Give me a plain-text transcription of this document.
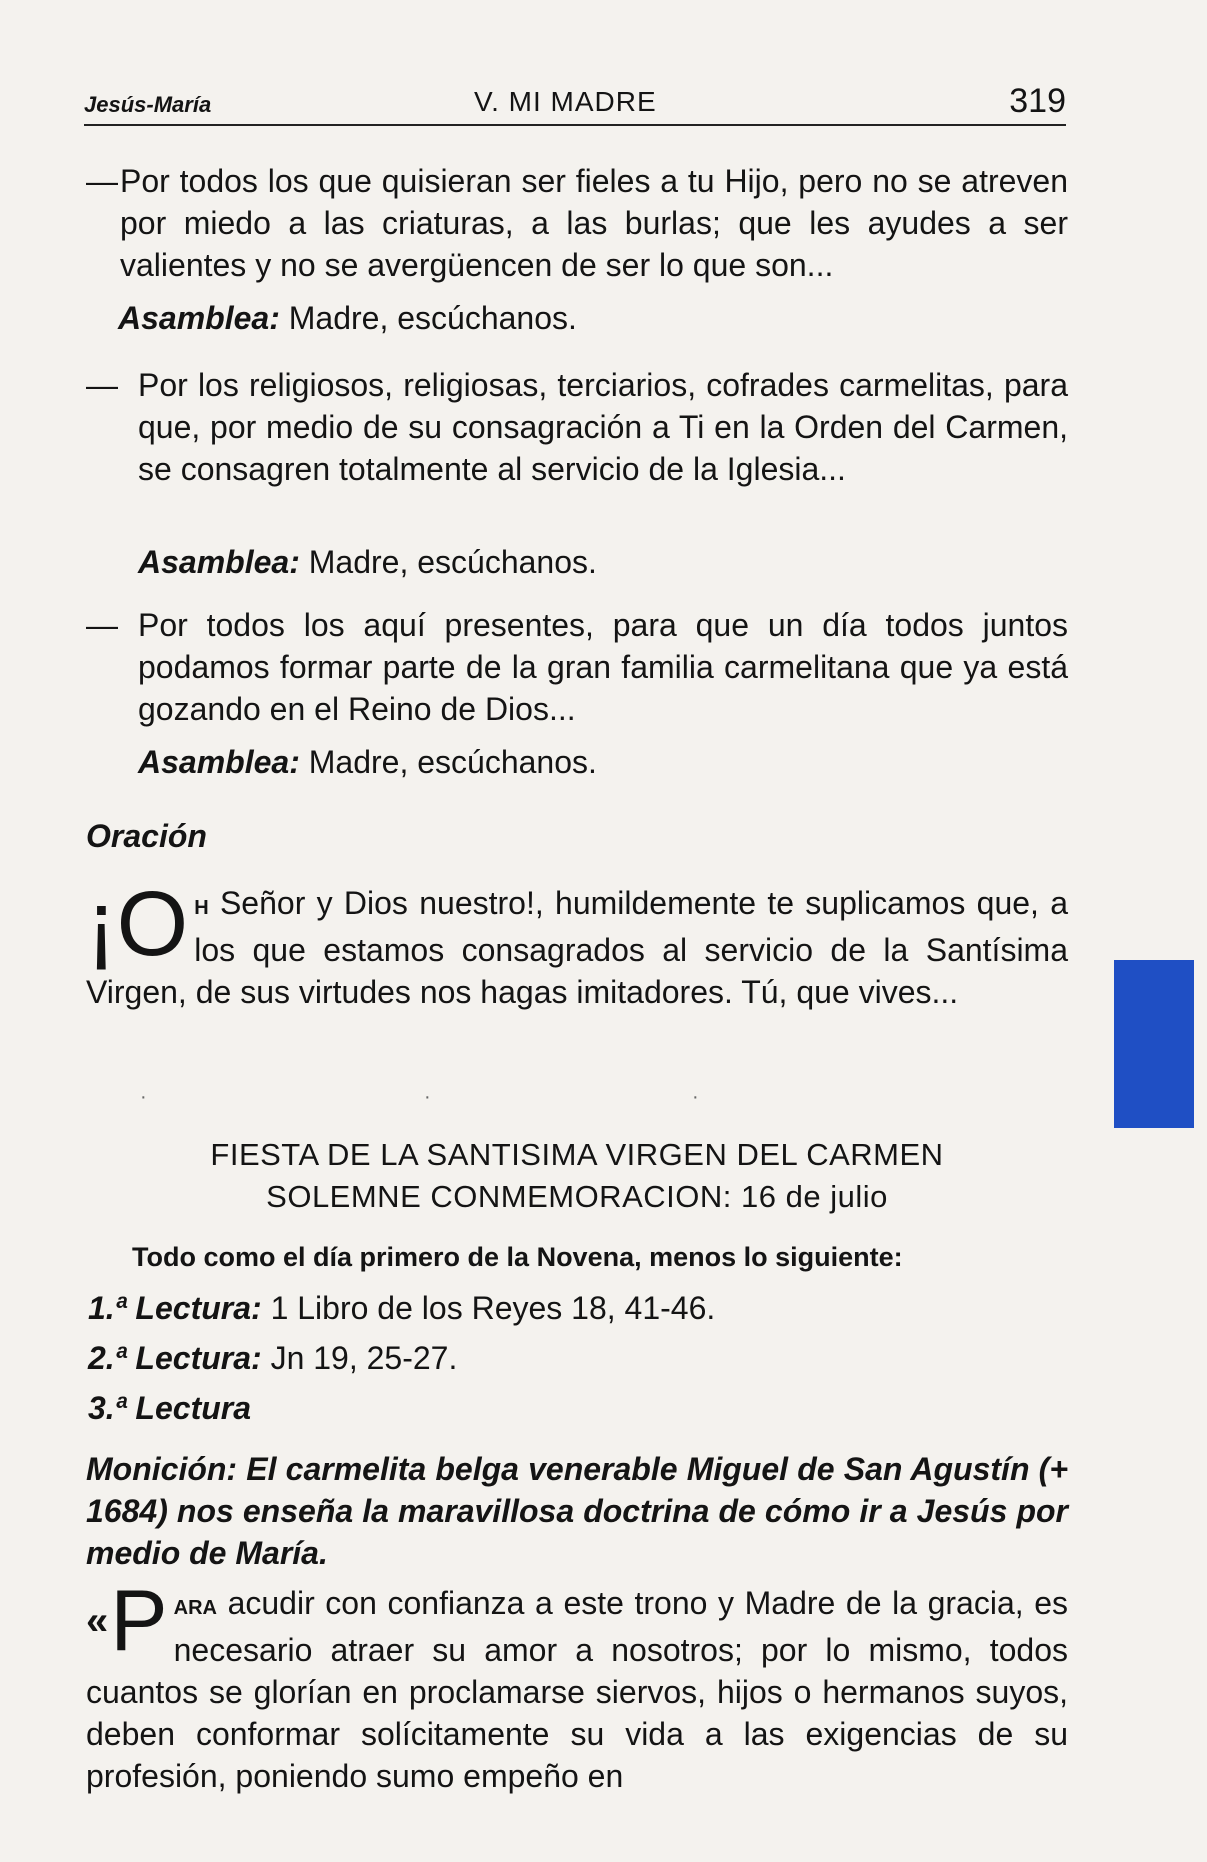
Jesús-María	V. MI MADRE	319
— Por todos los que quisieran ser fieles a tu Hijo, pero no se atreven por miedo a las criaturas, a las burlas; que les ayudes a ser valientes y no se avergüencen de ser lo que son...
Asamblea: Madre, escúchanos.
— Por los religiosos, religiosas, terciarios, cofrades carmelitas, para que, por medio de su consagración a Ti en la Orden del Carmen, se consagren totalmente al servicio de la Iglesia...
Asamblea: Madre, escúchanos.
— Por todos los aquí presentes, para que un día todos juntos podamos formar parte de la gran familia carmelitana que ya está gozando en el Reino de Dios...
Asamblea: Madre, escúchanos.
Oración
¡O H Señor y Dios nuestro!, humildemente te suplicamos que, a los que estamos consagrados al servicio de la Santísima Virgen, de sus virtudes nos hagas imitadores. Tú, que vives...
·	·	·
FIESTA DE LA SANTISIMA VIRGEN DEL CARMEN
SOLEMNE CONMEMORACION: 16 de julio
Todo como el día primero de la Novena, menos lo siguiente:
1.ª Lectura: 1 Libro de los Reyes 18, 41-46.
2.ª Lectura: Jn 19, 25-27.
3.ª Lectura
Monición: El carmelita belga venerable Miguel de San Agustín (+ 1684) nos enseña la maravillosa doctrina de cómo ir a Jesús por medio de María.
« P ARA acudir con confianza a este trono y Madre de la gracia, es necesario atraer su amor a nosotros; por lo mismo, todos cuantos se glorían en proclamarse siervos, hijos o hermanos suyos, deben conformar solícitamente su vida a las exigencias de su profesión, poniendo sumo empeño en
